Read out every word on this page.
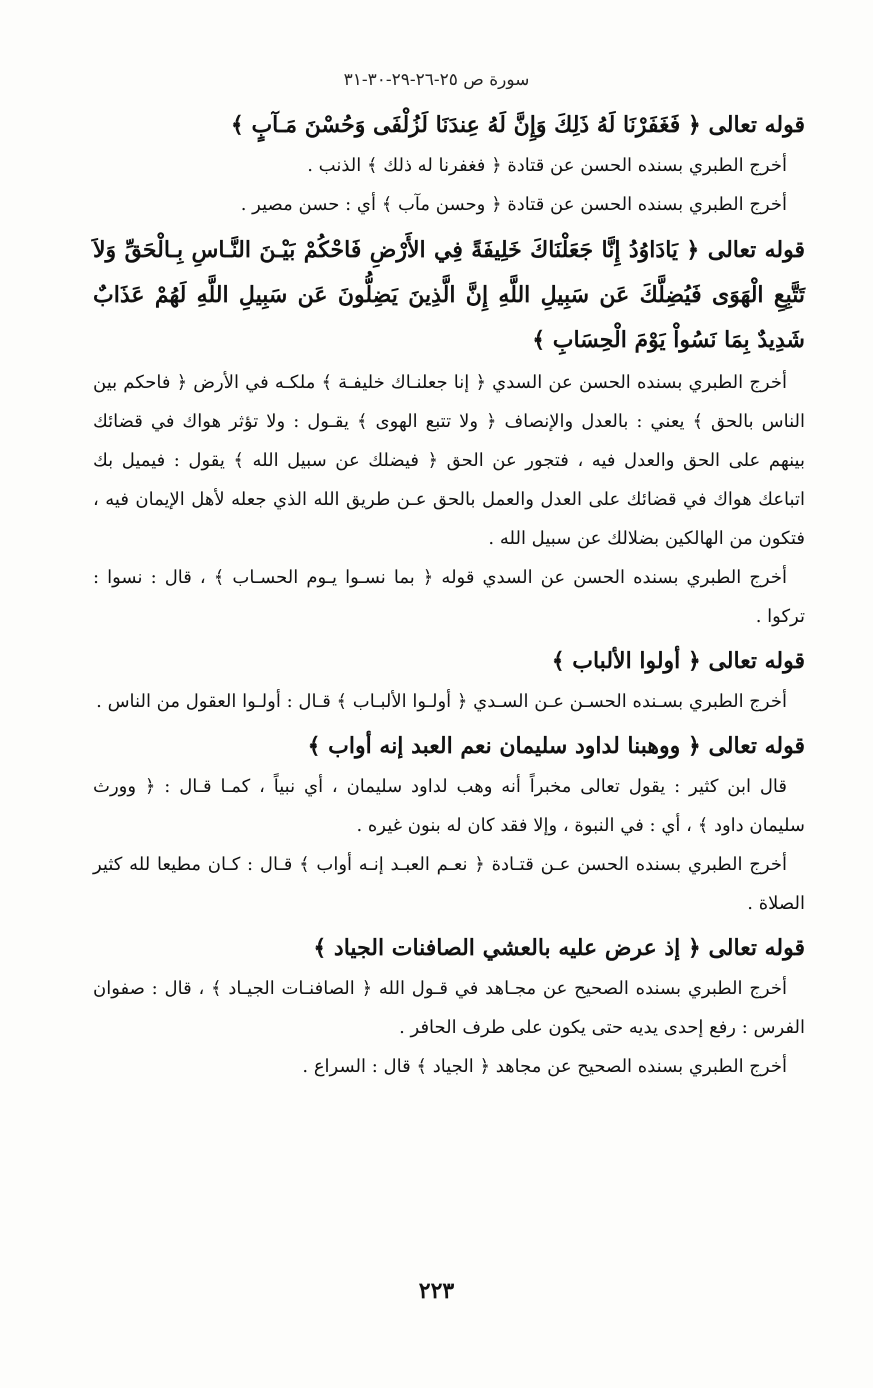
سورة ص ٢٥-٢٦-٢٩-٣٠-٣١

قوله تعالى ﴿ فَغَفَرْنَا لَهُ ذَلِكَ وَإِنَّ لَهُ عِندَنَا لَزُلْفَى وَحُسْنَ مَـآبٍ ﴾

أخرج الطبري بسنده الحسن عن قتادة ﴿ فغفرنا له ذلك ﴾ الذنب .

أخرج الطبري بسنده الحسن عن قتادة ﴿ وحسن مآب ﴾ أي : حسن مصير .

قوله تعالى ﴿ يَادَاوُدُ إِنَّا جَعَلْنَاكَ خَلِيفَةً فِي الأَرْضِ فَاحْكُمْ بَيْـنَ النَّـاسِ بِـالْحَقِّ وَلاَ تَتَّبِعِ الْهَوَى فَيُضِلَّكَ عَن سَبِيلِ اللَّهِ إِنَّ الَّذِينَ يَضِلُّونَ عَن سَبِيلِ اللَّهِ لَهُمْ عَذَابٌ شَدِيدٌ بِمَا نَسُواْ يَوْمَ الْحِسَابِ ﴾

أخرج الطبري بسنده الحسن عن السدي ﴿ إنا جعلنـاك خليفـة ﴾ ملكـه في الأرض ﴿ فاحكم بين الناس بالحق ﴾ يعني : بالعدل والإنصاف ﴿ ولا تتبع الهوى ﴾ يقـول : ولا تؤثر هواك في قضائك بينهم على الحق والعدل فيه ، فتجور عن الحق ﴿ فيضلك عن سبيل الله ﴾ يقول : فيميل بك اتباعك هواك في قضائك على العدل والعمل بالحق عـن طريق الله الذي جعله لأهل الإيمان فيه ، فتكون من الهالكين بضلالك عن سبيل الله .

أخرج الطبري بسنده الحسن عن السدي قوله ﴿ بما نسـوا يـوم الحسـاب ﴾ ، قال : نسوا : تركوا .

قوله تعالى ﴿ أولوا الألباب ﴾

أخرج الطبري بسـنده الحسـن عـن السـدي ﴿ أولـوا الألبـاب ﴾ قـال : أولـوا العقول من الناس .

قوله تعالى ﴿ ووهبنا لداود سليمان نعم العبد إنه أواب ﴾

قال ابن كثير : يقول تعالى مخبراً أنه وهب لداود سليمان ، أي نبياً ، كمـا قـال : ﴿ وورث سليمان داود ﴾ ، أي : في النبوة ، وإلا فقد كان له بنون غيره .

أخرج الطبري بسنده الحسن عـن قتـادة ﴿ نعـم العبـد إنـه أواب ﴾ قـال : كـان مطيعا لله كثير الصلاة .

قوله تعالى ﴿ إذ عرض عليه بالعشي الصافنات الجياد ﴾

أخرج الطبري بسنده الصحيح عن مجـاهد في قـول الله ﴿ الصافنـات الجيـاد ﴾ ، قال : صفوان الفرس : رفع إحدى يديه حتى يكون على طرف الحافر .

أخرج الطبري بسنده الصحيح عن مجاهد ﴿ الجياد ﴾ قال : السراع .

٢٢٣
